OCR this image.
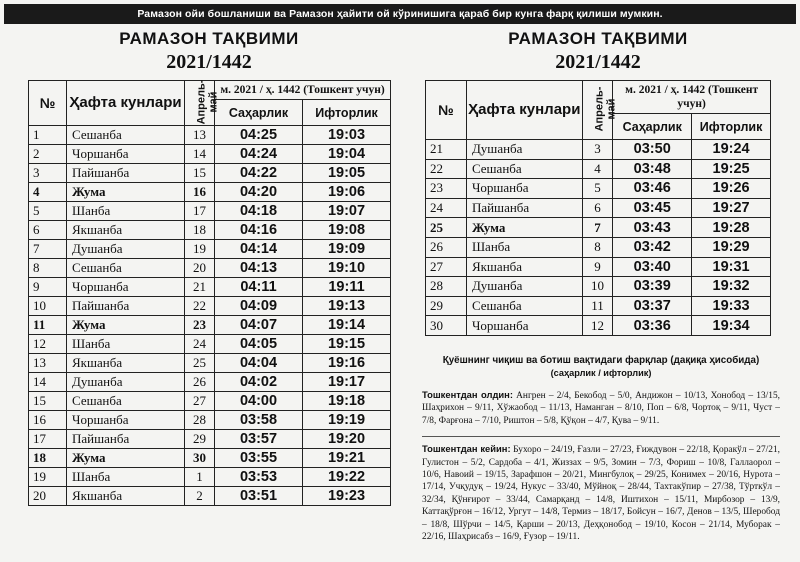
Рамазон ойи бошланиши ва Рамазон ҳайити ой кўринишига қараб бир кунга фарқ қилиши мумкин.
РАМАЗОН ТАҚВИМИ
2021/1442
№	Ҳафта кунлари	Апрель-
май	м. 2021 / ҳ. 1442 (Тошкент учун)	
			Саҳарлик	Ифторлик
1	Сешанба	13	04:25	19:03
2	Чоршанба	14	04:24	19:04
3	Пайшанба	15	04:22	19:05
4	Жума	16	04:20	19:06
5	Шанба	17	04:18	19:07
6	Якшанба	18	04:16	19:08
7	Душанба	19	04:14	19:09
8	Сешанба	20	04:13	19:10
9	Чоршанба	21	04:11	19:11
10	Пайшанба	22	04:09	19:13
11	Жума	23	04:07	19:14
12	Шанба	24	04:05	19:15
13	Якшанба	25	04:04	19:16
14	Душанба	26	04:02	19:17
15	Сешанба	27	04:00	19:18
16	Чоршанба	28	03:58	19:19
17	Пайшанба	29	03:57	19:20
18	Жума	30	03:55	19:21
19	Шанба	1	03:53	19:22
20	Якшанба	2	03:51	19:23
РАМАЗОН ТАҚВИМИ
2021/1442
№	Ҳафта кунлари	Апрель-
май	м. 2021 / ҳ. 1442 (Тошкент учун)	
			Саҳарлик	Ифторлик
21	Душанба	3	03:50	19:24
22	Сешанба	4	03:48	19:25
23	Чоршанба	5	03:46	19:26
24	Пайшанба	6	03:45	19:27
25	Жума	7	03:43	19:28
26	Шанба	8	03:42	19:29
27	Якшанба	9	03:40	19:31
28	Душанба	10	03:39	19:32
29	Сешанба	11	03:37	19:33
30	Чоршанба	12	03:36	19:34
Қуёшнинг чиқиш ва ботиш вақтидаги фарқлар (дақиқа ҳисобида)
(саҳарлик / ифторлик)

Тошкентдан олдин: Ангрен – 2/4, Бекобод – 5/0, Андижон – 10/13, Хонобод – 13/15, Шаҳрихон – 9/11, Хўжаобод – 11/13, Наманган – 8/10, Поп – 6/8, Чортоқ – 9/11, Чуст – 7/8, Фарғона – 7/10, Риштон – 5/8, Қўқон – 4/7, Қува – 9/11.

Тошкентдан кейин: Бухоро – 24/19, Ғазли – 27/23, Ғиждувон – 22/18, Қоракўл – 27/21, Гулистон – 5/2, Сардоба – 4/1, Жиззах – 9/5, Зомин – 7/3, Фориш – 10/8, Галлаорол – 10/6, Навоий – 19/15, Зарафшон – 20/21, Мингбулоқ – 29/25, Конимех – 20/16, Нурота – 17/14, Учқудуқ – 19/24, Нукус – 33/40, Мўйноқ – 28/44, Тахтакўпир – 27/38, Тўрткўл – 32/34, Қўнғирот – 33/44, Самарқанд – 14/8, Иштихон – 15/11, Мирбозор – 13/9, Каттақўрғон – 16/12, Ургут – 14/8, Термиз – 18/17, Бойсун – 16/7, Денов – 13/5, Шеробод – 18/8, Шўрчи – 14/5, Қарши – 20/13, Деҳқонобод – 19/10, Косон – 21/14, Муборак – 22/16, Шаҳрисабз – 16/9, Ғузор – 19/11.
